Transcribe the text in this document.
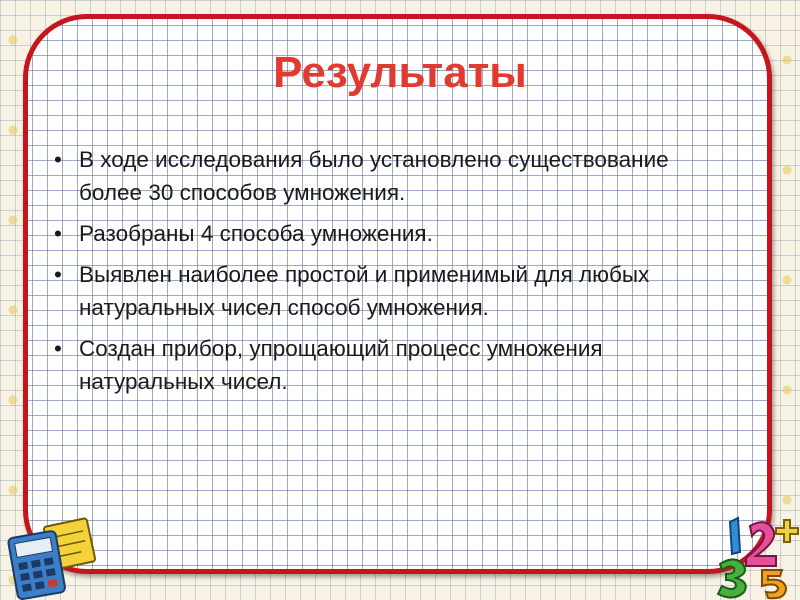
Результаты
• В ходе исследования было установлено существование более 30 способов умножения.
• Разобраны 4 способа умножения.
• Выявлен наиболее простой и применимый для любых натуральных чисел способ умножения.
• Создан прибор, упрощающий процесс умножения натуральных чисел.
